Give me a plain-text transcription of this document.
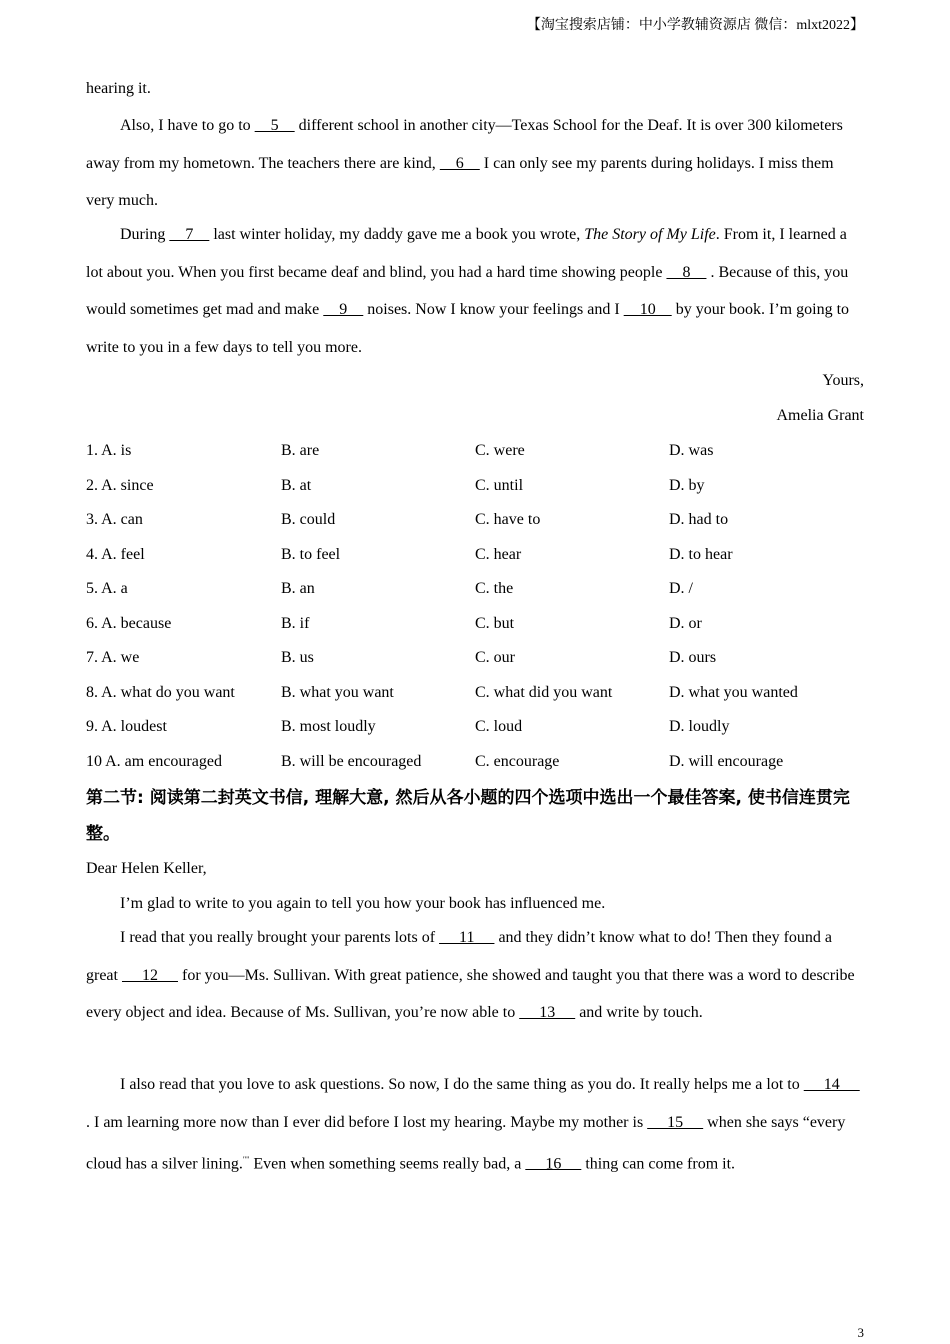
【淘宝搜索店铺：中小学教辅资源店 微信：mlxt2022】
hearing it.

Also, I have to go to     5     different school in another city—Texas School for the Deaf. It is over 300 kilometers away from my hometown. The teachers there are kind,     6     I can only see my parents during holidays. I miss them very much.

During     7     last winter holiday, my daddy gave me a book you wrote, The Story of My Life. From it, I learned a lot about you. When you first became deaf and blind, you had a hard time showing people     8     . Because of this, you would sometimes get mad and make     9     noises. Now I know your feelings and I     10     by your book. I’m going to write to you in a few days to tell you more.

Yours,
Amelia Grant
1. A. is	B. are	C. were	D. was
2. A. since	B. at	C. until	D. by
3. A. can	B. could	C. have to	D. had to
4. A. feel	B. to feel	C. hear	D. to hear
5. A. a	B. an	C. the	D. /
6. A. because	B. if	C. but	D. or
7. A. we	B. us	C. our	D. ours
8. A. what do you want	B. what you want	C. what did you want	D. what you wanted
9. A. loudest	B. most loudly	C. loud	D. loudly
10 A. am encouraged	B. will be encouraged	C. encourage	D. will encourage
第二节: 阅读第二封英文书信, 理解大意, 然后从各小题的四个选项中选出一个最佳答案, 使书信连贯完整。
Dear Helen Keller,
I’m glad to write to you again to tell you how your book has influenced me.

I read that you really brought your parents lots of      11      and they didn’t know what to do! Then they found a great      12      for you—Ms. Sullivan. With great patience, she showed and taught you that there was a word to describe every object and idea. Because of Ms. Sullivan, you’re now able to      13      and write by touch.

I also read that you love to ask questions. So now, I do the same thing as you do. It really helps me a lot to      14      . I am learning more now than I ever did before I lost my hearing. Maybe my mother is      15      when she says “every cloud has a silver lining."" Even when something seems really bad, a      16      thing can come from it.

3
